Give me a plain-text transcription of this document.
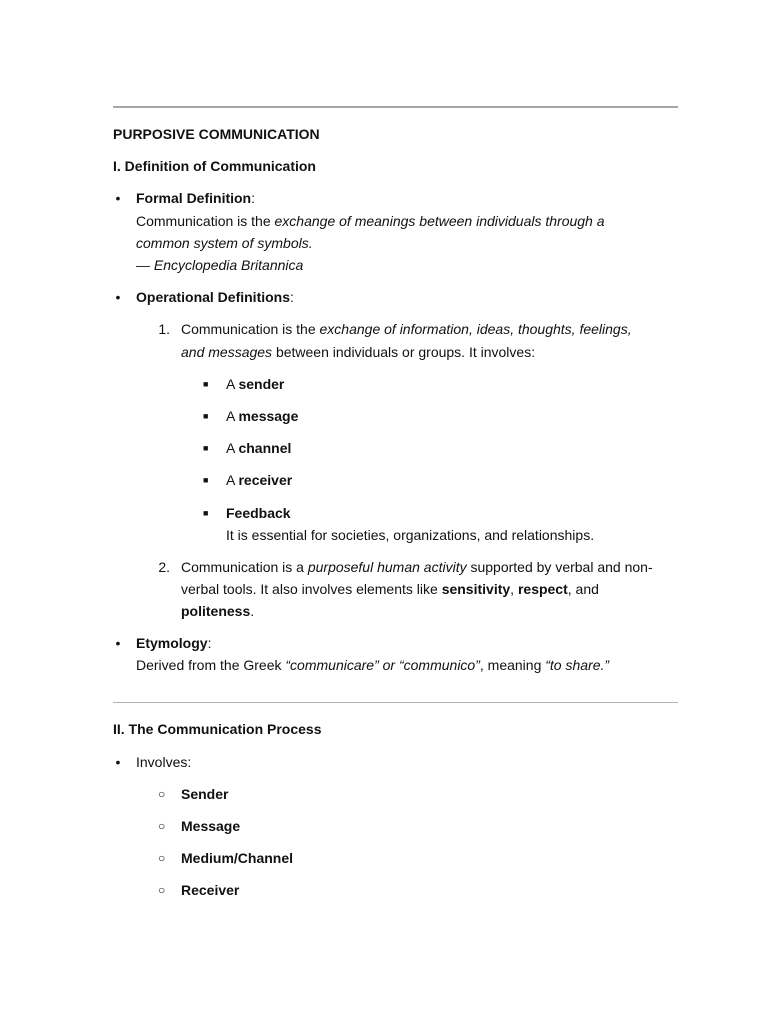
PURPOSIVE COMMUNICATION
I. Definition of Communication
•	Formal Definition:
Communication is the exchange of meanings between individuals through a
common system of symbols.
— Encyclopedia Britannica
•	Operational Definitions:
1. Communication is the exchange of information, ideas, thoughts, feelings,
and messages between individuals or groups. It involves:
■ A sender
■ A message
■ A channel
■ A receiver
■ Feedback
It is essential for societies, organizations, and relationships.
2. Communication is a purposeful human activity supported by verbal and non-
verbal tools. It also involves elements like sensitivity, respect, and
politeness.
•	Etymology:
Derived from the Greek “communicare” or “communico”, meaning “to share.”
II. The Communication Process
•	Involves:
○ Sender
○ Message
○ Medium/Channel
○ Receiver
